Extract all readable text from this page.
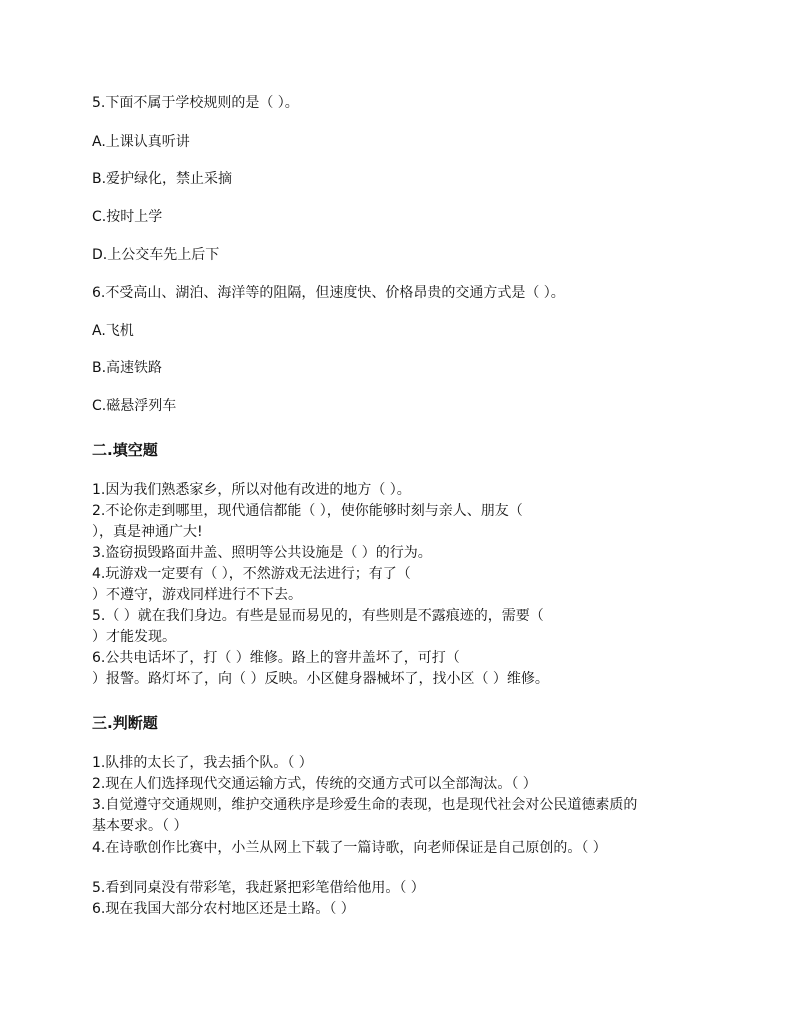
5.下面不属于学校规则的是（ ）。
A.上课认真听讲
B.爱护绿化，禁止采摘
C.按时上学
D.上公交车先上后下
6.不受高山、湖泊、海洋等的阻隔，但速度快、价格昂贵的交通方式是（ ）。
A.飞机
B.高速铁路
C.磁悬浮列车
二.填空题
1.因为我们熟悉家乡，所以对他有改进的地方（ ）。
2.不论你走到哪里，现代通信都能（ ），使你能够时刻与亲人、朋友（
），真是神通广大!
3.盗窃损毁路面井盖、照明等公共设施是（ ）的行为。
4.玩游戏一定要有（ ），不然游戏无法进行；有了（
）不遵守，游戏同样进行不下去。
5.（ ）就在我们身边。有些是显而易见的，有些则是不露痕迹的，需要（
）才能发现。
6.公共电话坏了，打（ ）维修。路上的窨井盖坏了，可打（
）报警。路灯坏了，向（ ）反映。小区健身器械坏了，找小区（ ）维修。
三.判断题
1.队排的太长了，我去插个队。（ ）
2.现在人们选择现代交通运输方式，传统的交通方式可以全部淘汰。（ ）
3.自觉遵守交通规则，维护交通秩序是珍爱生命的表现，也是现代社会对公民道德素质的
基本要求。（ ）
4.在诗歌创作比赛中，小兰从网上下载了一篇诗歌，向老师保证是自己原创的。（ ）
5.看到同桌没有带彩笔，我赶紧把彩笔借给他用。（ ）
6.现在我国大部分农村地区还是土路。（ ）
